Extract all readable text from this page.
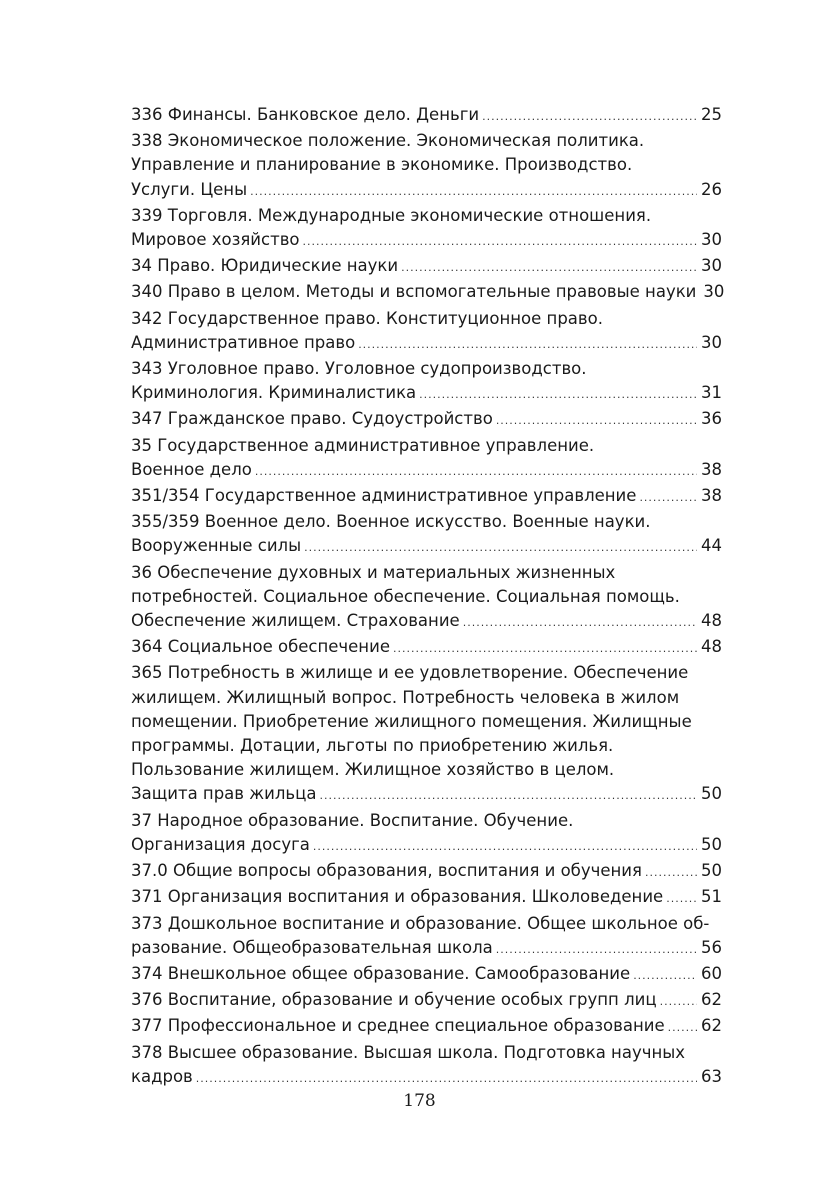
336 Финансы. Банковское дело. Деньги .....	25
338 Экономическое положение. Экономическая политика.
Управление и планирование в экономике. Производство.
Услуги. Цены .....	26
339 Торговля. Международные экономические отношения.
Мировое хозяйство .....	30
34 Право. Юридические науки .....	30
340 Право в целом. Методы и вспомогательные правовые науки 30
342 Государственное право. Конституционное право.
Административное право .....	30
343 Уголовное право. Уголовное судопроизводство.
Криминология. Криминалистика .....	31
347 Гражданское право. Судоустройство .....	36
35 Государственное административное управление.
Военное дело .....	38
351/354 Государственное административное управление .....	38
355/359 Военное дело. Военное искусство. Военные науки.
Вооруженные силы .....	44
36 Обеспечение духовных и материальных жизненных
потребностей. Социальное обеспечение. Социальная помощь.
Обеспечение жилищем. Страхование .....	48
364 Социальное обеспечение .....	48
365 Потребность в жилище и ее удовлетворение. Обеспечение
жилищем. Жилищный вопрос. Потребность человека в жилом
помещении. Приобретение жилищного помещения. Жилищные
программы. Дотации, льготы по приобретению жилья.
Пользование жилищем. Жилищное хозяйство в целом.
Защита прав жильца .....	50
37 Народное образование. Воспитание. Обучение.
Организация досуга .....	50
37.0 Общие вопросы образования, воспитания и обучения .....	50
371 Организация воспитания и образования. Школоведение ..... 51
373 Дошкольное воспитание и образование. Общее школьное об-
разование. Общеобразовательная школа .....	56
374 Внешкольное общее образование. Самообразование .....	60
376 Воспитание, образование и обучение особых групп лиц .....	62
377 Профессиональное и среднее специальное образование ..... 62
378 Высшее образование. Высшая школа. Подготовка научных
кадров .....	63
178
